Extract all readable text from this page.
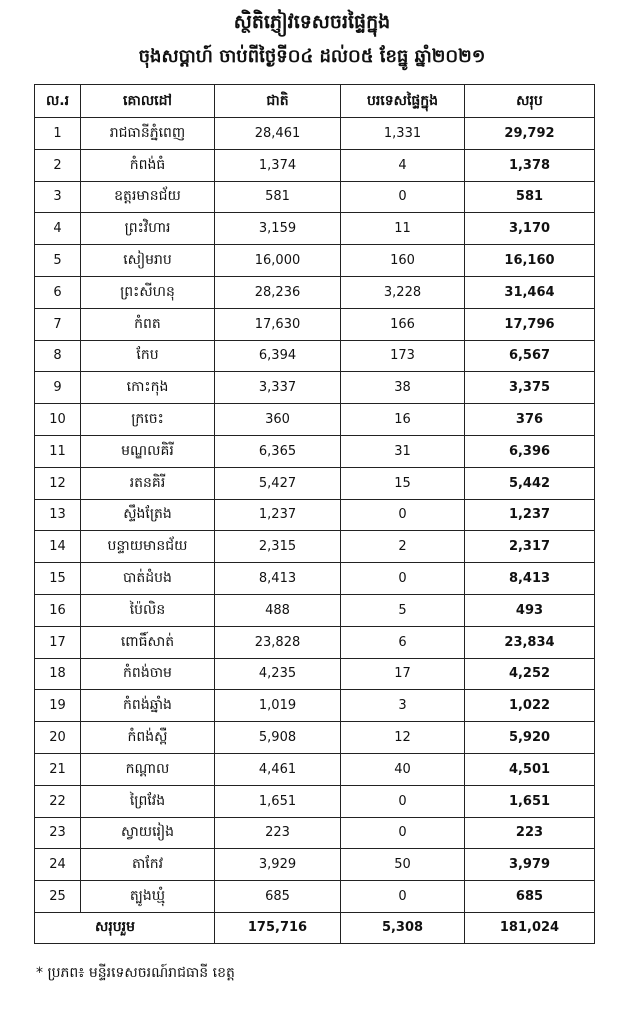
ស្ថិតិភ្ញៀវទេសចរផ្ទៃក្នុង
ចុងសប្តាហ៍ ចាប់ពីថ្ងៃទី០៤ ដល់០៥ ខែធ្នូ ឆ្នាំ២០២១
ល.រ	គោលដៅ	ជាតិ	បរទេសផ្ទៃក្នុង	សរុប
1	រាជធានីភ្នំពេញ	28,461	1,331	29,792
2	កំពង់ធំ	1,374	4	1,378
3	ឧត្តរមានជ័យ	581	0	581
4	ព្រះវិហារ	3,159	11	3,170
5	សៀមរាប	16,000	160	16,160
6	ព្រះសីហនុ	28,236	3,228	31,464
7	កំពត	17,630	166	17,796
8	កែប	6,394	173	6,567
9	កោះកុង	3,337	38	3,375
10	ក្រចេះ	360	16	376
11	មណ្ឌលគិរី	6,365	31	6,396
12	រតនគិរី	5,427	15	5,442
13	ស្ទឹងត្រែង	1,237	0	1,237
14	បន្ទាយមានជ័យ	2,315	2	2,317
15	បាត់ដំបង	8,413	0	8,413
16	ប៉ៃលិន	488	5	493
17	ពោធិ៍សាត់	23,828	6	23,834
18	កំពង់ចាម	4,235	17	4,252
19	កំពង់ឆ្នាំង	1,019	3	1,022
20	កំពង់ស្ពឺ	5,908	12	5,920
21	កណ្តាល	4,461	40	4,501
22	ព្រៃវែង	1,651	0	1,651
23	ស្វាយរៀង	223	0	223
24	តាកែវ	3,929	50	3,979
25	ត្បូងឃ្មុំ	685	0	685
សរុបរួម		175,716	5,308	181,024
* ប្រភព៖ មន្ទីរទេសចរណ៍រាជធានី ខេត្ត
